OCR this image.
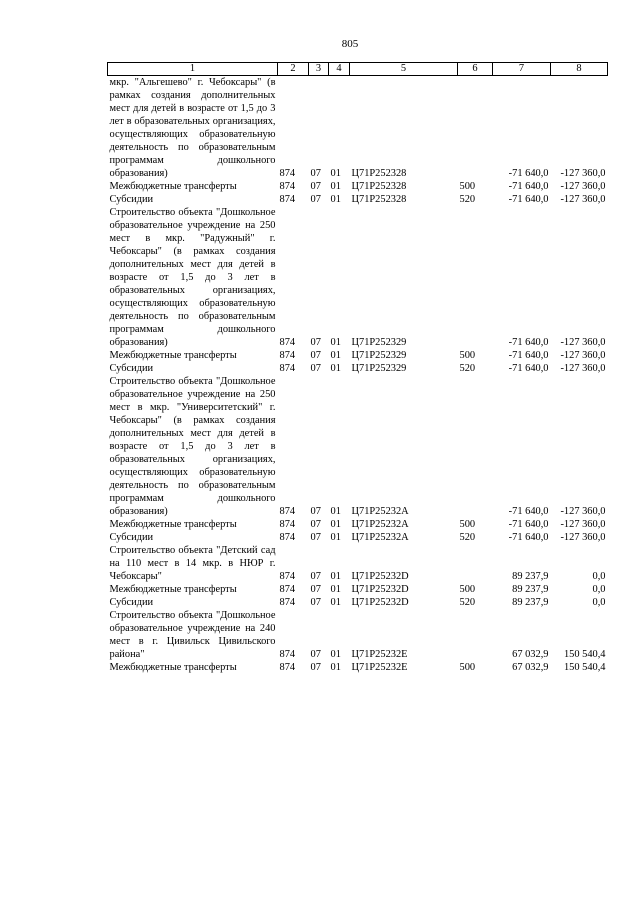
805
1	2	3	4	5	6	7	8
мкр. "Альгешево" г. Чебоксары" (в рамках создания дополнительных мест для детей в возрасте от 1,5 до 3 лет в образовательных организациях, осуществляющих образовательную деятельность по образовательным программам дошкольного образования)	874	07	01	Ц71P252328		-71 640,0	-127 360,0
Межбюджетные трансферты	874	07	01	Ц71P252328	500	-71 640,0	-127 360,0
Субсидии	874	07	01	Ц71P252328	520	-71 640,0	-127 360,0
Строительство объекта "Дошкольное образовательное учреждение на 250 мест в мкр. "Радужный" г. Чебоксары" (в рамках создания дополнительных мест для детей в возрасте от 1,5 до 3 лет в образовательных организациях, осуществляющих образовательную деятельность по образовательным программам дошкольного образования)	874	07	01	Ц71P252329		-71 640,0	-127 360,0
Межбюджетные трансферты	874	07	01	Ц71P252329	500	-71 640,0	-127 360,0
Субсидии	874	07	01	Ц71P252329	520	-71 640,0	-127 360,0
Строительство объекта "Дошкольное образовательное учреждение на 250 мест в мкр. "Университетский" г. Чебоксары" (в рамках создания дополнительных мест для детей в возрасте от 1,5 до 3 лет в образовательных организациях, осуществляющих образовательную деятельность по образовательным программам дошкольного образования)	874	07	01	Ц71P25232A		-71 640,0	-127 360,0
Межбюджетные трансферты	874	07	01	Ц71P25232A	500	-71 640,0	-127 360,0
Субсидии	874	07	01	Ц71P25232A	520	-71 640,0	-127 360,0
Строительство объекта "Детский сад на 110 мест в 14 мкр. в НЮР г. Чебоксары"	874	07	01	Ц71P25232D		89 237,9	0,0
Межбюджетные трансферты	874	07	01	Ц71P25232D	500	89 237,9	0,0
Субсидии	874	07	01	Ц71P25232D	520	89 237,9	0,0
Строительство объекта "Дошкольное образовательное учреждение на 240 мест в г. Цивильск Цивильского района"	874	07	01	Ц71P25232E		67 032,9	150 540,4
Межбюджетные трансферты	874	07	01	Ц71P25232E	500	67 032,9	150 540,4
